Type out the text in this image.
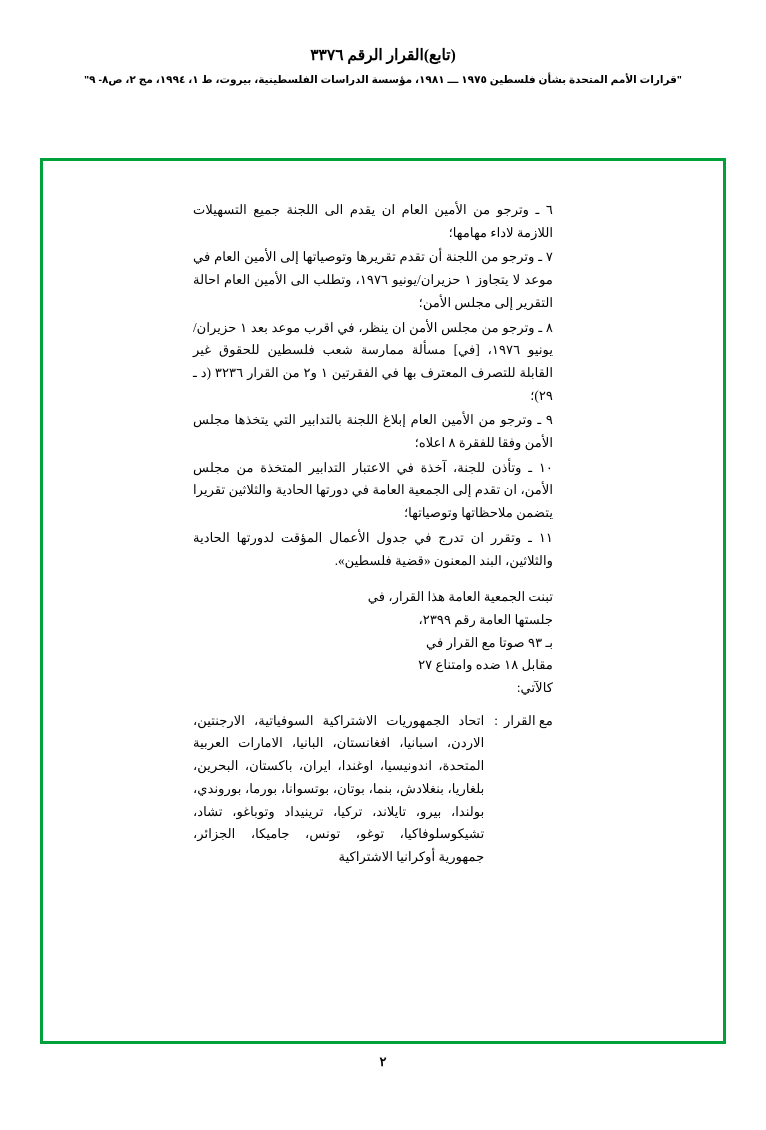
(تابع)القرار الرقم ٣٣٧٦
"قرارات الأمم المتحدة بشأن فلسطين ١٩٧٥ ـــ ١٩٨١، مؤسسة الدراسات الفلسطينية، بيروت، ط ١، ١٩٩٤، مج ٢، ص٨- ٩"

٦ ـ وترجو من الأمين العام ان يقدم الى اللجنة جميع التسهيلات اللازمة لاداء مهامها؛

٧ ـ وترجو من اللجنة أن تقدم تقريرها وتوصياتها إلى الأمين العام في موعد لا يتجاوز ١ حزيران/يونيو ١٩٧٦، وتطلب الى الأمين العام احالة التقرير إلى مجلس الأمن؛

٨ ـ وترجو من مجلس الأمن ان ينظر، في اقرب موعد بعد ١ حزيران/يونيو ١٩٧٦، [في] مسألة ممارسة شعب فلسطين للحقوق غير القابلة للتصرف المعترف بها في الفقرتين ١ و٢ من القرار ٣٢٣٦ (د ـ ٢٩)؛

٩ ـ وترجو من الأمين العام إبلاغ اللجنة بالتدابير التي يتخذها مجلس الأمن وفقا للفقرة ٨ اعلاه؛

١٠ ـ وتأذن للجنة، آخذة في الاعتبار التدابير المتخذة من مجلس الأمن، ان تقدم إلى الجمعية العامة في دورتها الحادية والثلاثين تقريرا يتضمن ملاحظاتها وتوصياتها؛

١١ ـ وتقرر ان تدرج في جدول الأعمال المؤقت لدورتها الحادية والثلاثين، البند المعنون «قضية فلسطين».

تبنت الجمعية العامة هذا القرار، في
جلستها العامة رقم ٢٣٩٩،
بـ ٩٣ صوتا مع القرار في
مقابل ١٨ ضده وامتناع ٢٧
كالآتي:
مع القرار
:
اتحاد الجمهوريات الاشتراكية السوفياتية، الارجنتين، الاردن، اسبانيا، افغانستان، البانيا، الامارات العربية المتحدة، اندونيسيا، اوغندا، ايران، باكستان، البحرين، بلغاريا، بنغلادش، بنما، بوتان، بوتسوانا، بورما، بوروندي، بولندا، بيرو، تايلاند، تركيا، ترينيداد وتوباغو، تشاد، تشيكوسلوفاكيا، توغو، تونس، جاميكا، الجزائر، جمهورية أوكرانيا الاشتراكية
٢
